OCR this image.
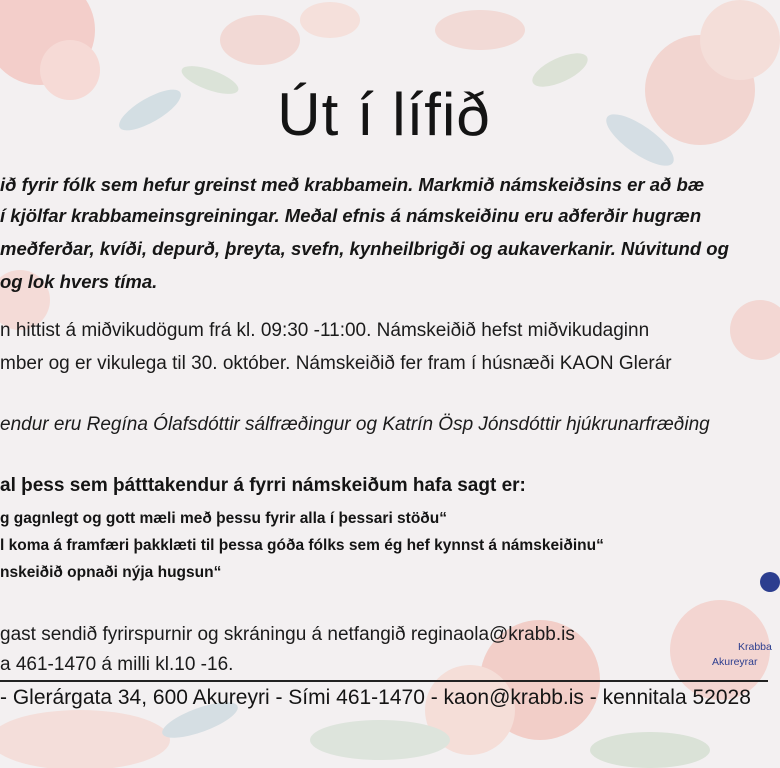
Út í lífið
ið fyrir fólk sem hefur greinst með krabbamein. Markmið námskeiðsins er að bæ
í kjölfar krabbameinsgreiningar. Meðal efnis á námskeiðinu eru aðferðir hugræn
meðferðar, kvíði, depurð, þreyta, svefn, kynheilbrigði og aukaverkanir. Núvitund og
og lok hvers tíma.
n hittist á miðvikudögum frá kl. 09:30 -11:00. Námskeiðið hefst miðvikudaginn
mber og er vikulega til 30. október. Námskeiðið fer fram í húsnæði KAON Glerár
endur eru Regína Ólafsdóttir sálfræðingur og Katrín Ösp Jónsdóttir hjúkrunarfræðing
al þess sem þátttakendur á fyrri námskeiðum hafa sagt er:
g gagnlegt og gott mæli með þessu fyrir alla í þessari stöðu“
l koma á framfæri þakklæti til þessa góða fólks sem ég hef kynnst á námskeiðinu“
nskeiðið opnaði nýja hugsun“
gast sendið fyrirspurnir og skráningu á netfangið reginaola@krabb.is
a 461-1470 á milli kl.10 -16.
Krabba
Akureyrar
- Glerárgata 34, 600 Akureyri - Sími 461-1470 - kaon@krabb.is - kennitala 52028
